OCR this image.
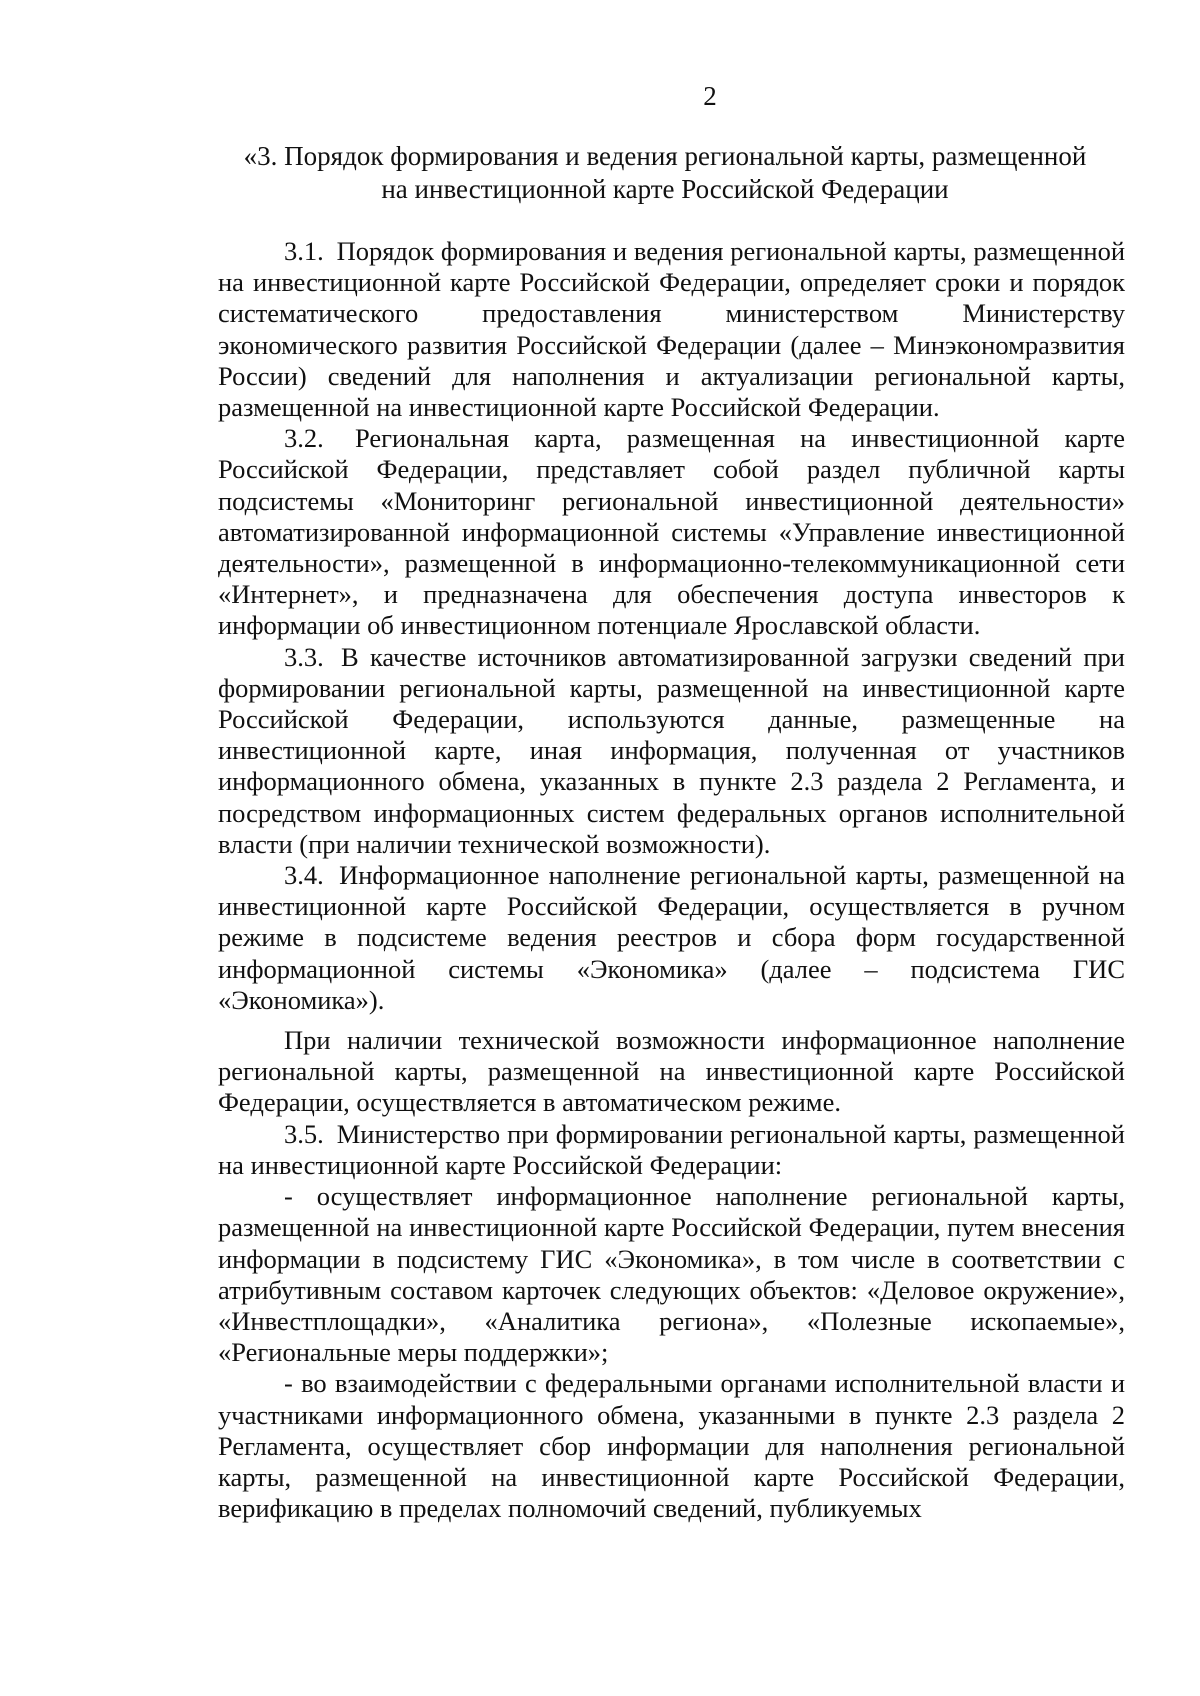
2
«3. Порядок формирования и ведения региональной карты, размещенной
на инвестиционной карте Российской Федерации

3.1. Порядок формирования и ведения региональной карты, размещенной на инвестиционной карте Российской Федерации, определяет сроки и порядок систематического предоставления министерством Министерству экономического развития Российской Федерации (далее – Минэкономразвития России) сведений для наполнения и актуализации региональной карты, размещенной на инвестиционной карте Российской Федерации.

3.2. Региональная карта, размещенная на инвестиционной карте Российской Федерации, представляет собой раздел публичной карты подсистемы «Мониторинг региональной инвестиционной деятельности» автоматизированной информационной системы «Управление инвестиционной деятельности», размещенной в информационно-телекоммуникационной сети «Интернет», и предназначена для обеспечения доступа инвесторов к информации об инвестиционном потенциале Ярославской области.

3.3. В качестве источников автоматизированной загрузки сведений при формировании региональной карты, размещенной на инвестиционной карте Российской Федерации, используются данные, размещенные на инвестиционной карте, иная информация, полученная от участников информационного обмена, указанных в пункте 2.3 раздела 2 Регламента, и посредством информационных систем федеральных органов исполнительной власти (при наличии технической возможности).

3.4. Информационное наполнение региональной карты, размещенной на инвестиционной карте Российской Федерации, осуществляется в ручном режиме в подсистеме ведения реестров и сбора форм государственной информационной системы «Экономика» (далее – подсистема ГИС «Экономика»).

При наличии технической возможности информационное наполнение региональной карты, размещенной на инвестиционной карте Российской Федерации, осуществляется в автоматическом режиме.

3.5. Министерство при формировании региональной карты, размещенной на инвестиционной карте Российской Федерации:

- осуществляет информационное наполнение региональной карты, размещенной на инвестиционной карте Российской Федерации, путем внесения информации в подсистему ГИС «Экономика», в том числе в соответствии с атрибутивным составом карточек следующих объектов: «Деловое окружение», «Инвестплощадки», «Аналитика региона», «Полезные ископаемые», «Региональные меры поддержки»;

- во взаимодействии с федеральными органами исполнительной власти и участниками информационного обмена, указанными в пункте 2.3 раздела 2 Регламента, осуществляет сбор информации для наполнения региональной карты, размещенной на инвестиционной карте Российской Федерации, верификацию в пределах полномочий сведений, публикуемых
